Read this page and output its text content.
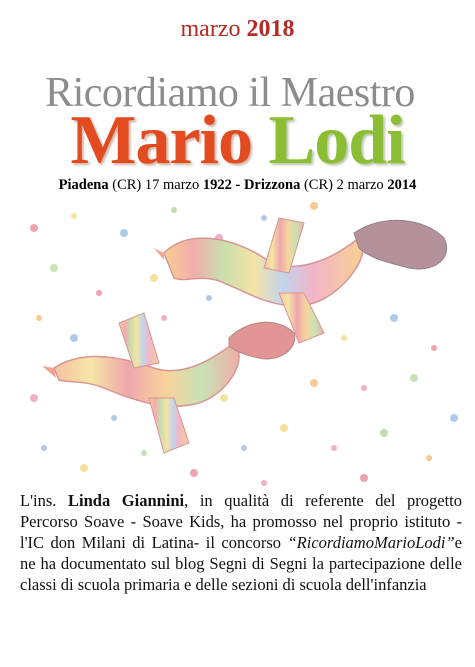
marzo 2018
Ricordiamo il Maestro
Mario Lodi
Piadena (CR) 17 marzo 1922 - Drizzona (CR) 2 marzo 2014
L'ins. Linda Giannini, in qualità di referente del progetto Percorso Soave - Soave Kids, ha promosso nel proprio istituto - l'IC don Milani di Latina- il concorso “RicordiamoMarioLodi”e ne ha documentato sul blog Segni di Segni la partecipazione delle classi di scuola primaria e delle sezioni di scuola dell'infanzia
